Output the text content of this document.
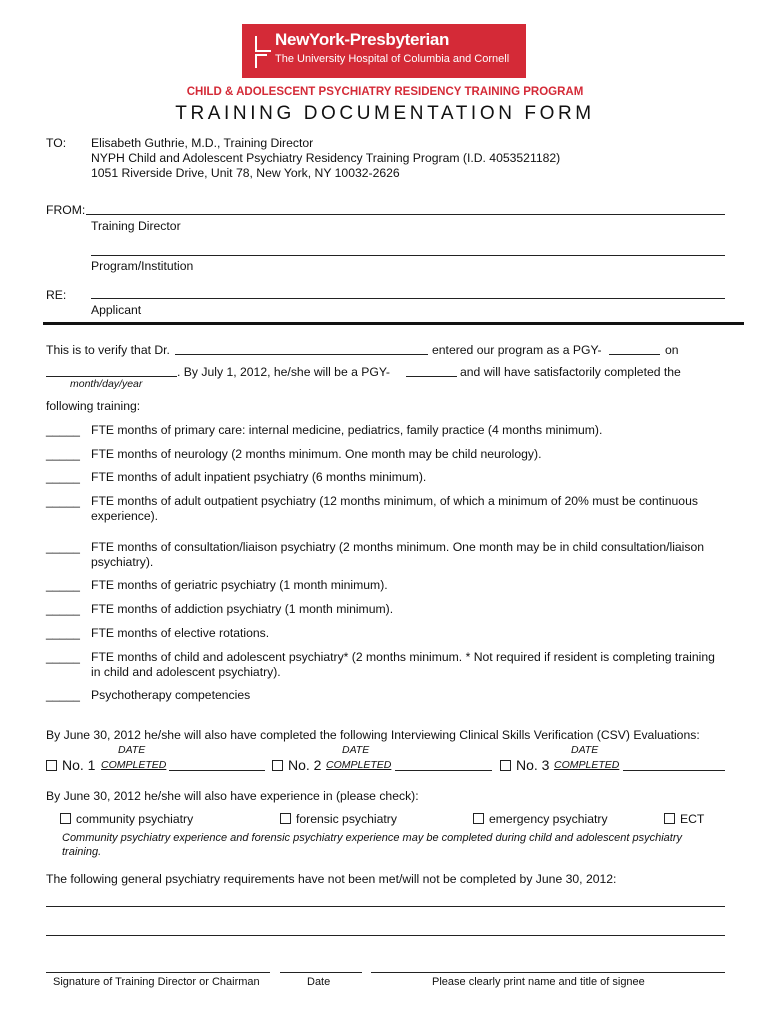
NewYork-Presbyterian
The University Hospital of Columbia and Cornell
CHILD & ADOLESCENT PSYCHIATRY RESIDENCY TRAINING PROGRAM
TRAINING DOCUMENTATION FORM
TO: Elisabeth Guthrie, M.D., Training Director
NYPH Child and Adolescent Psychiatry Residency Training Program (I.D. 4053521182)
1051 Riverside Drive, Unit 78, New York, NY 10032-2626
FROM:
Training Director
Program/Institution
RE:
Applicant
This is to verify that Dr.	entered our program as a PGY-	on
. By July 1, 2012, he/she will be a PGY-	and will have satisfactorily completed the
month/day/year
following training:
_____ FTE months of primary care: internal medicine, pediatrics, family practice (4 months minimum).
_____ FTE months of neurology (2 months minimum. One month may be child neurology).
_____ FTE months of adult inpatient psychiatry (6 months minimum).
_____ FTE months of adult outpatient psychiatry (12 months minimum, of which a minimum of 20% must be continuous
experience).
_____ FTE months of consultation/liaison psychiatry (2 months minimum. One month may be in child consultation/liaison
psychiatry).
_____ FTE months of geriatric psychiatry (1 month minimum).
_____ FTE months of addiction psychiatry (1 month minimum).
_____ FTE months of elective rotations.
_____ FTE months of child and adolescent psychiatry* (2 months minimum. * Not required if resident is completing training
in child and adolescent psychiatry).
_____ Psychotherapy competencies
By June 30, 2012 he/she will also have completed the following Interviewing Clinical Skills Verification (CSV) Evaluations:
DATE	DATE	DATE
No. 1 COMPLETED	No. 2 COMPLETED	No. 3 COMPLETED
By June 30, 2012 he/she will also have experience in (please check):
community psychiatry	forensic psychiatry	emergency psychiatry	ECT
Community psychiatry experience and forensic psychiatry experience may be completed during child and adolescent psychiatry
training.
The following general psychiatry requirements have not been met/will not be completed by June 30, 2012:
Signature of Training Director or Chairman	Date	Please clearly print name and title of signee
